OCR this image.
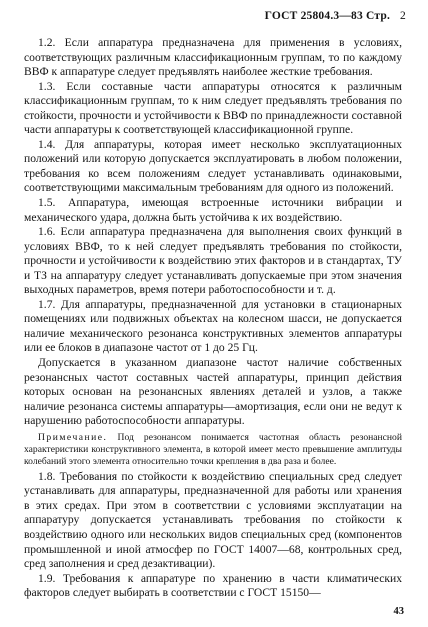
ГОСТ 25804.3—83 Стр. 2

1.2. Если аппаратура предназначена для применения в условиях, соответствующих различным классификационным группам, то по каждому ВВФ к аппаратуре следует предъявлять наиболее жесткие требования.

1.3. Если составные части аппаратуры относятся к различным классификационным группам, то к ним следует предъявлять требования по стойкости, прочности и устойчивости к ВВФ по принадлежности составной части аппаратуры к соответствующей классификационной группе.

1.4. Для аппаратуры, которая имеет несколько эксплуатационных положений или которую допускается эксплуатировать в любом положении, требования ко всем положениям следует устанавливать одинаковыми, соответствующими максимальным требованиям для одного из положений.

1.5. Аппаратура, имеющая встроенные источники вибрации и механического удара, должна быть устойчива к их воздействию.

1.6. Если аппаратура предназначена для выполнения своих функций в условиях ВВФ, то к ней следует предъявлять требования по стойкости, прочности и устойчивости к воздействию этих факторов и в стандартах, ТУ и ТЗ на аппаратуру следует устанавливать допускаемые при этом значения выходных параметров, время потери работоспособности и т. д.

1.7. Для аппаратуры, предназначенной для установки в стационарных помещениях или подвижных объектах на колесном шасси, не допускается наличие механического резонанса конструктивных элементов аппаратуры или ее блоков в диапазоне частот от 1 до 25 Гц.

Допускается в указанном диапазоне частот наличие собственных резонансных частот составных частей аппаратуры, принцип действия которых основан на резонансных явлениях деталей и узлов, а также наличие резонанса системы аппаратуры—амортизация, если они не ведут к нарушению работоспособности аппаратуры.

Примечание. Под резонансом понимается частотная область резонансной характеристики конструктивного элемента, в которой имеет место превышение амплитуды колебаний этого элемента относительно точки крепления в два раза и более.

1.8. Требования по стойкости к воздействию специальных сред следует устанавливать для аппаратуры, предназначенной для работы или хранения в этих средах. При этом в соответствии с условиями эксплуатации на аппаратуру допускается устанавливать требования по стойкости к воздействию одного или нескольких видов специальных сред (компонентов промышленной и иной атмосфер по ГОСТ 14007—68, контрольных сред, сред заполнения и сред дезактивации).

1.9. Требования к аппаратуре по хранению в части климатических факторов следует выбирать в соответствии с ГОСТ 15150—

43
